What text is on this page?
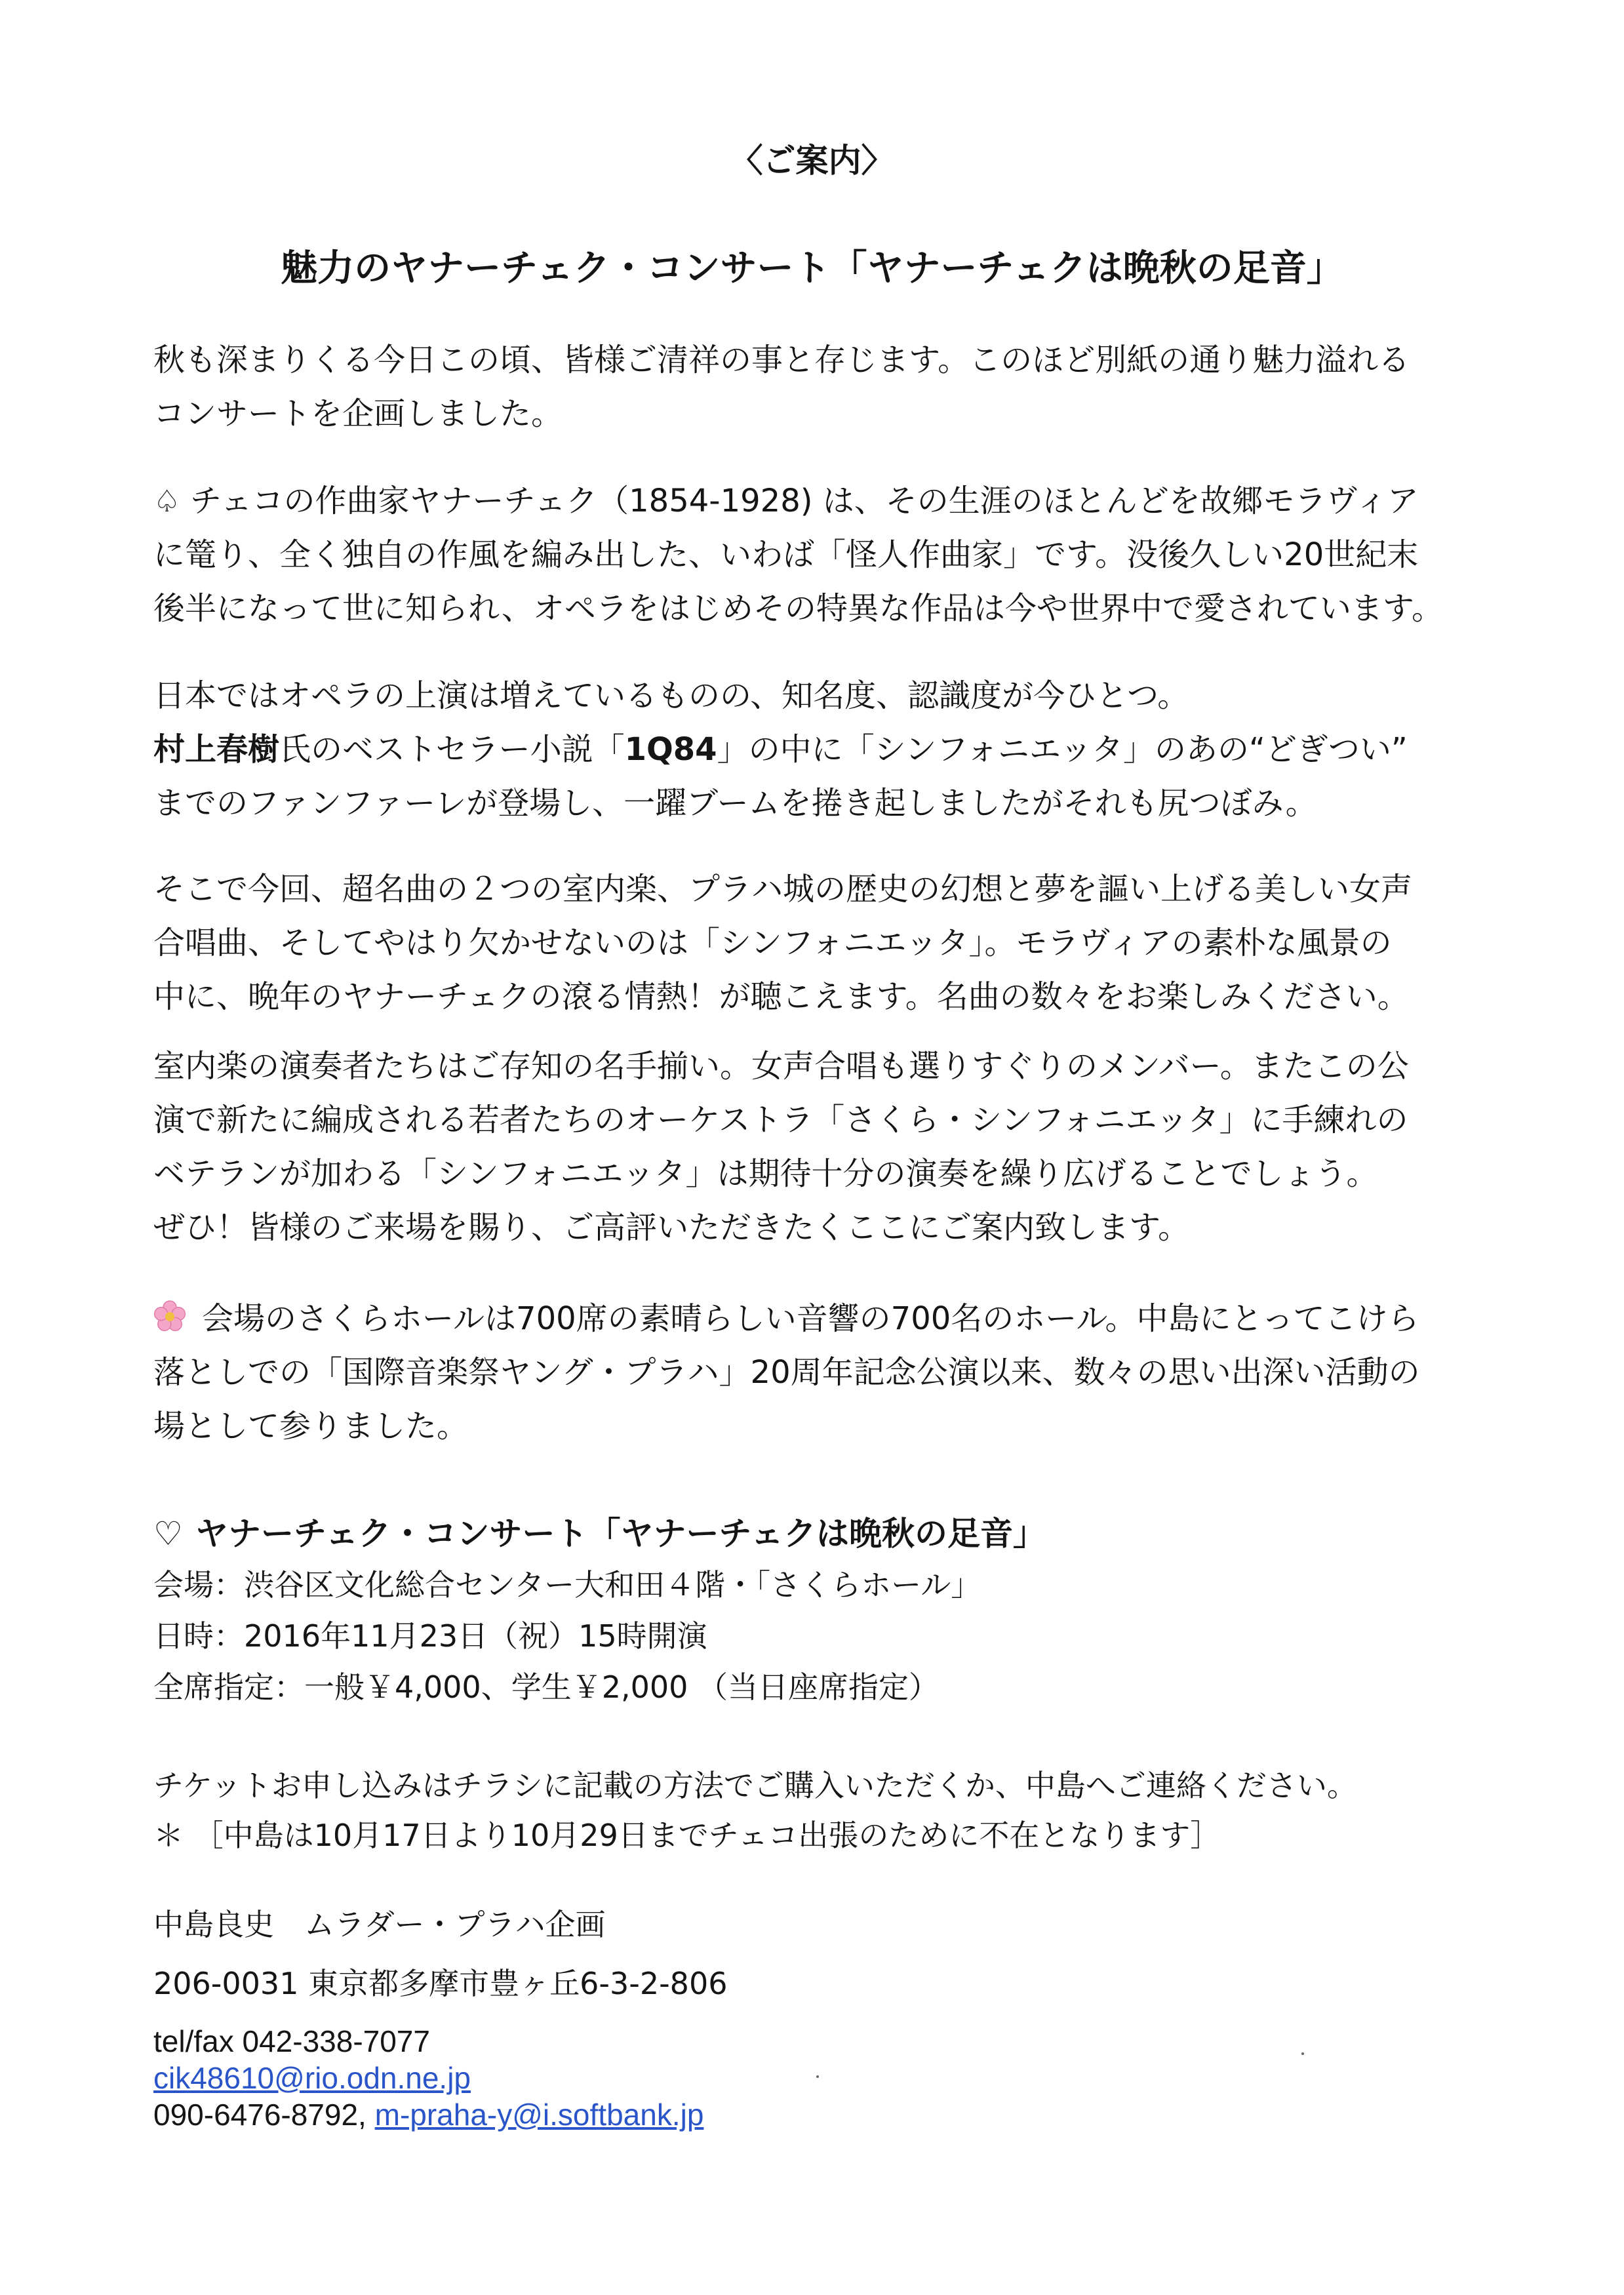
〈ご案内〉
魅力のヤナーチェク・コンサート「ヤナーチェクは晩秋の足音」
秋も深まりくる今日この頃、皆様ご清祥の事と存じます。このほど別紙の通り魅力溢れる
コンサートを企画しました。
♤ チェコの作曲家ヤナーチェク（1854-1928) は、その生涯のほとんどを故郷モラヴィア
に篭り、全く独自の作風を編み出した、いわば「怪人作曲家」です。没後久しい20世紀末
後半になって世に知られ、オペラをはじめその特異な作品は今や世界中で愛されています。
日本ではオペラの上演は増えているものの、知名度、認識度が今ひとつ。
村上春樹氏のベストセラー小説「1Q84」の中に「シンフォニエッタ」のあの“どぎつい”
までのファンファーレが登場し、一躍ブームを捲き起しましたがそれも尻つぼみ。
そこで今回、超名曲の２つの室内楽、プラハ城の歴史の幻想と夢を謳い上げる美しい女声
合唱曲、そしてやはり欠かせないのは「シンフォニエッタ」。モラヴィアの素朴な風景の
中に、晩年のヤナーチェクの滾る情熱！が聴こえます。名曲の数々をお楽しみください。
室内楽の演奏者たちはご存知の名手揃い。女声合唱も選りすぐりのメンバー。またこの公
演で新たに編成される若者たちのオーケストラ「さくら・シンフォニエッタ」に手練れの
ベテランが加わる「シンフォニエッタ」は期待十分の演奏を繰り広げることでしょう。
ぜひ！皆様のご来場を賜り、ご高評いただきたくここにご案内致します。
会場のさくらホールは700席の素晴らしい音響の700名のホール。中島にとってこけら
落としでの「国際音楽祭ヤング・プラハ」20周年記念公演以来、数々の思い出深い活動の
場として参りました。
♡ ヤナーチェク・コンサート「ヤナーチェクは晩秋の足音」
会場：渋谷区文化総合センター大和田４階・「さくらホール」
日時：2016年11月23日（祝）15時開演
全席指定：一般￥4,000、学生￥2,000 （当日座席指定）
チケットお申し込みはチラシに記載の方法でご購入いただくか、中島へご連絡ください。
＊ ［中島は10月17日より10月29日までチェコ出張のために不在となります］
中島良史　ムラダー・プラハ企画
206-0031 東京都多摩市豊ヶ丘6-3-2-806
tel/fax 042-338-7077
cik48610@rio.odn.ne.jp
090-6476-8792, m-praha-y@i.softbank.jp
